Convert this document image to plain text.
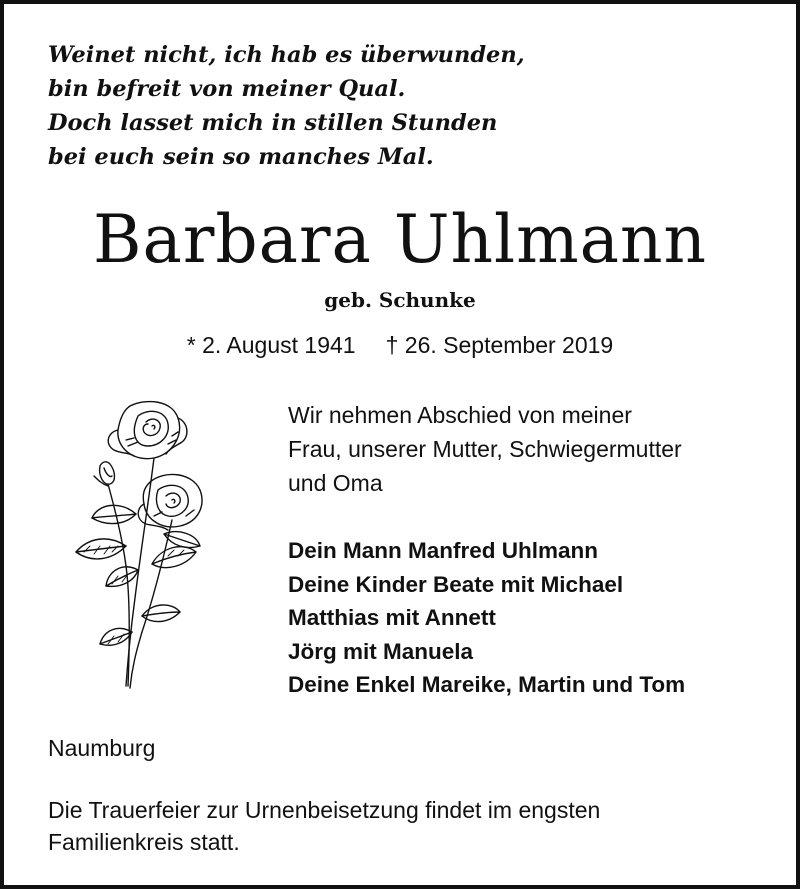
Weinet nicht, ich hab es überwunden,
bin befreit von meiner Qual.
Doch lasset mich in stillen Stunden
bei euch sein so manches Mal.
Barbara Uhlmann
geb. Schunke
* 2. August 1941 † 26. September 2019
Wir nehmen Abschied von meiner
Frau, unserer Mutter, Schwiegermutter
und Oma
Dein Mann Manfred Uhlmann
Deine Kinder Beate mit Michael
Matthias mit Annett
Jörg mit Manuela
Deine Enkel Mareike, Martin und Tom
Naumburg
Die Trauerfeier zur Urnenbeisetzung findet im engsten
Familienkreis statt.
